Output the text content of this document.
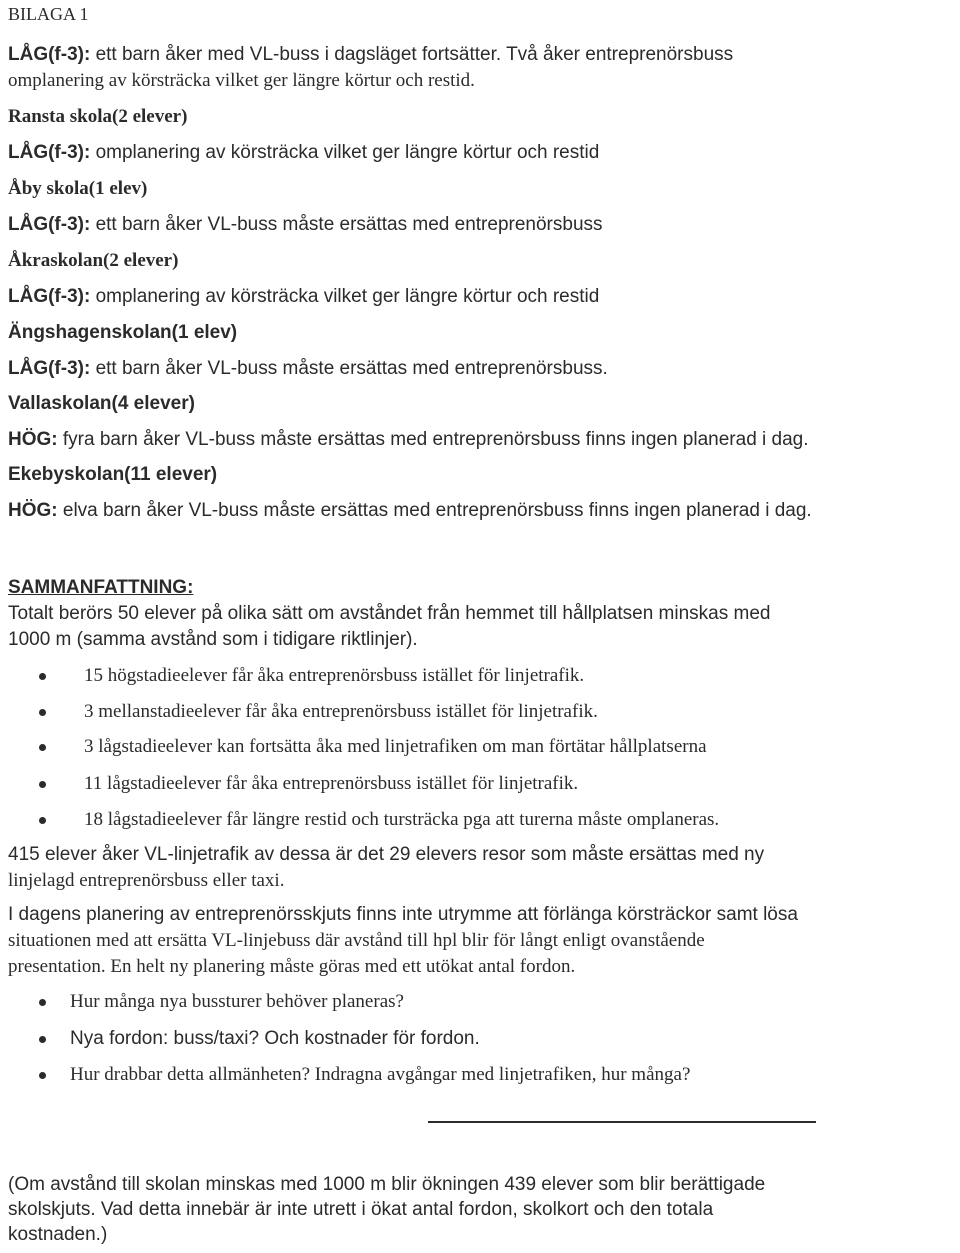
BILAGA 1
LÅG(f-3): ett barn åker med VL-buss i dagsläget fortsätter. Två åker entreprenörsbuss
omplanering av körsträcka vilket ger längre körtur och restid.
Ransta skola(2 elever)
LÅG(f-3): omplanering av körsträcka vilket ger längre körtur och restid
Åby skola(1 elev)
LÅG(f-3): ett barn åker VL-buss måste ersättas med entreprenörsbuss
Åkraskolan(2 elever)
LÅG(f-3): omplanering av körsträcka vilket ger längre körtur och restid
Ängshagenskolan(1 elev)
LÅG(f-3): ett barn åker VL-buss måste ersättas med entreprenörsbuss.
Vallaskolan(4 elever)
HÖG: fyra barn åker VL-buss måste ersättas med entreprenörsbuss finns ingen planerad i dag.
Ekebyskolan(11 elever)
HÖG: elva barn åker VL-buss måste ersättas med entreprenörsbuss finns ingen planerad i dag.
SAMMANFATTNING:
Totalt berörs 50 elever på olika sätt om avståndet från hemmet till hållplatsen minskas med
1000 m (samma avstånd som i tidigare riktlinjer).
15 högstadieelever får åka entreprenörsbuss istället för linjetrafik.
3 mellanstadieelever får åka entreprenörsbuss istället för linjetrafik.
3 lågstadieelever kan fortsätta åka med linjetrafiken om man förtätar hållplatserna
11 lågstadieelever får åka entreprenörsbuss istället för linjetrafik.
18 lågstadieelever får längre restid och tursträcka pga att turerna måste omplaneras.
415 elever åker VL-linjetrafik av dessa är det 29 elevers resor som måste ersättas med ny
linjelagd entreprenörsbuss eller taxi.
I dagens planering av entreprenörsskjuts finns inte utrymme att förlänga körsträckor samt lösa
situationen med att ersätta VL-linjebuss där avstånd till hpl blir för långt enligt ovanstående
presentation. En helt ny planering måste göras med ett utökat antal fordon.
Hur många nya bussturer behöver planeras?
Nya fordon: buss/taxi? Och kostnader för fordon.
Hur drabbar detta allmänheten? Indragna avgångar med linjetrafiken, hur många?
(Om avstånd till skolan minskas med 1000 m blir ökningen 439 elever som blir berättigade
skolskjuts. Vad detta innebär är inte utrett i ökat antal fordon, skolkort och den totala
kostnaden.)
